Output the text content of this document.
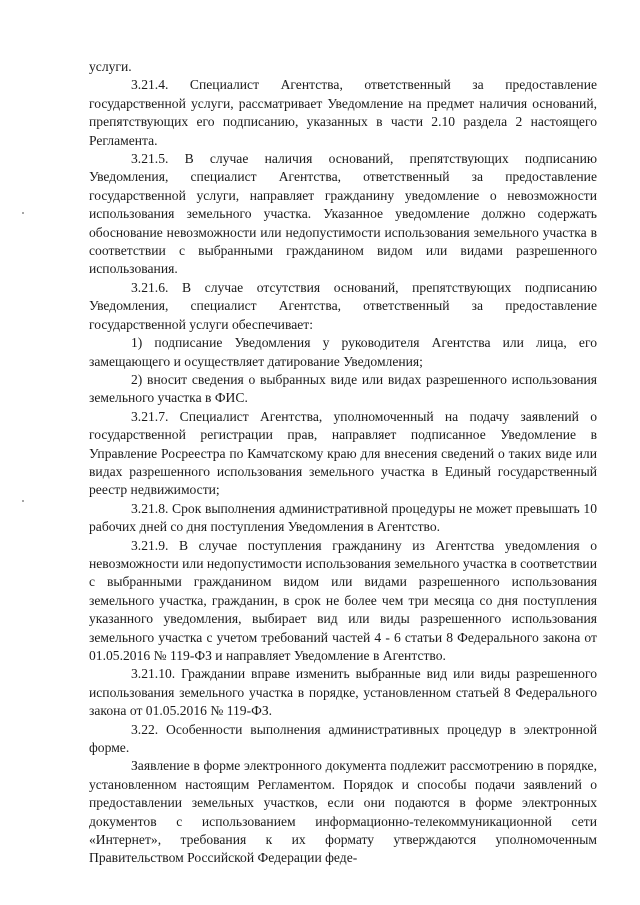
услуги.

3.21.4. Специалист Агентства, ответственный за предоставление государственной услуги, рассматривает Уведомление на предмет наличия оснований, препятствующих его подписанию, указанных в части 2.10 раздела 2 настоящего Регламента.

3.21.5. В случае наличия оснований, препятствующих подписанию Уведомления, специалист Агентства, ответственный за предоставление государственной услуги, направляет гражданину уведомление о невозможности использования земельного участка. Указанное уведомление должно содержать обоснование невозможности или недопустимости использования земельного участка в соответствии с выбранными гражданином видом или видами разрешенного использования.

3.21.6. В случае отсутствия оснований, препятствующих подписанию Уведомления, специалист Агентства, ответственный за предоставление государственной услуги обеспечивает:

1) подписание Уведомления у руководителя Агентства или лица, его замещающего и осуществляет датирование Уведомления;

2) вносит сведения о выбранных виде или видах разрешенного использования земельного участка в ФИС.

3.21.7. Специалист Агентства, уполномоченный на подачу заявлений о государственной регистрации прав, направляет подписанное Уведомление в Управление Росреестра по Камчатскому краю для внесения сведений о таких виде или видах разрешенного использования земельного участка в Единый государственный реестр недвижимости;

3.21.8. Срок выполнения административной процедуры не может превышать 10 рабочих дней со дня поступления Уведомления в Агентство.

3.21.9. В случае поступления гражданину из Агентства уведомления о невозможности или недопустимости использования земельного участка в соответствии с выбранными гражданином видом или видами разрешенного использования земельного участка, гражданин, в срок не более чем три месяца со дня поступления указанного уведомления, выбирает вид или виды разрешенного использования земельного участка с учетом требований частей 4 - 6 статьи 8 Федерального закона от 01.05.2016 № 119-ФЗ и направляет Уведомление в Агентство.

3.21.10. Граждании вправе изменить выбранные вид или виды разрешенного использования земельного участка в порядке, установленном статьей 8 Федерального закона от 01.05.2016 № 119-ФЗ.

3.22. Особенности выполнения административных процедур в электронной форме.

Заявление в форме электронного документа подлежит рассмотрению в порядке, установленном настоящим Регламентом. Порядок и способы подачи заявлений о предоставлении земельных участков, если они подаются в форме электронных документов с использованием информационно-телекоммуникационной сети «Интернет», требования к их формату утверждаются уполномоченным Правительством Российской Федерации феде-
